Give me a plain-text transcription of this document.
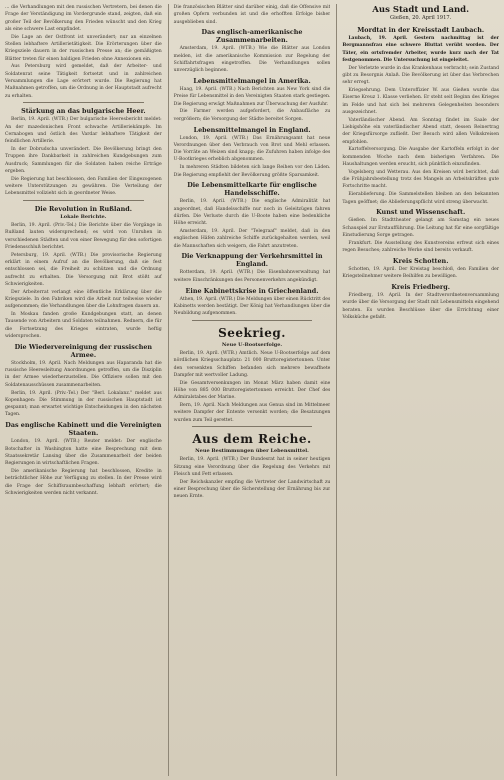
... die Verhandlungen mit den russischen Vertretern, bei denen die Frage der Verständigung im Vordergrunde stand, zeigten, daß ein großer Teil der Bevölkerung den Frieden wünscht und den Krieg als eine schwere Last empfindet.

Die Lage an der Ostfront ist unverändert; nur an einzelnen Stellen lebhaftere Artillerietätigkeit. Die Erörterungen über die Kriegsziele dauern in der russischen Presse an; die gemäßigten Blätter treten für einen baldigen Frieden ohne Annexionen ein.

Aus Petersburg wird gemeldet, daß der Arbeiter- und Soldatenrat seine Tätigkeit fortsetzt und in zahlreichen Versammlungen die Lage erörtert wurde. Die Regierung hat Maßnahmen getroffen, um die Ordnung in der Hauptstadt aufrecht zu erhalten.

Stärkung an das bulgarische Heer.

Berlin, 19. April. (WTB.) Der bulgarische Heeresbericht meldet: An der mazedonischen Front schwache Artilleriekämpfe. Im Cernabogen und östlich des Vardar lebhaftere Tätigkeit der feindlichen Artillerie.

In der Dobrudscha unverändert. Die Bevölkerung bringt den Truppen ihre Dankbarkeit in zahlreichen Kundgebungen zum Ausdruck; Sammlungen für die Soldaten haben reiche Erträge ergeben.

Die Regierung hat beschlossen, den Familien der Eingezogenen weitere Unterstützungen zu gewähren. Die Verteilung der Lebensmittel vollzieht sich in geordneter Weise.

Die Revolution in Rußland.
Lokale Berichte.

Berlin, 19. April. (Priv.-Tel.) Die Berichte über die Vorgänge in Rußland lauten widersprechend; es wird von Unruhen in verschiedenen Städten und von einer Bewegung für den sofortigen Friedensschluß berichtet.

Petersburg, 19. April. (WTB.) Die provisorische Regierung erklärt in einem Aufruf an die Bevölkerung, daß sie fest entschlossen sei, die Freiheit zu schützen und die Ordnung aufrecht zu erhalten. Die Versorgung mit Brot stößt auf Schwierigkeiten.

Der Arbeiterrat verlangt eine öffentliche Erklärung über die Kriegsziele. In den Fabriken wird die Arbeit nur teilweise wieder aufgenommen; die Verhandlungen über die Lohnfragen dauern an.

In Moskau fanden große Kundgebungen statt, an denen Tausende von Arbeitern und Soldaten teilnahmen. Rednern, die für die Fortsetzung des Krieges eintraten, wurde heftig widersprochen.

Die Wiedervereinigung der russischen Armee.

Stockholm, 19. April. Nach Meldungen aus Haparanda hat die russische Heeresleitung Anordnungen getroffen, um die Disziplin in der Armee wiederherzustellen. Die Offiziere sollen mit den Soldatenausschüssen zusammenarbeiten.

Berlin, 19. April. (Priv.-Tel.) Der "Berl. Lokalanz." meldet aus Kopenhagen: Die Stimmung in der russischen Hauptstadt ist gespannt; man erwartet wichtige Entscheidungen in den nächsten Tagen.

Das englische Kabinett und die Vereinigten Staaten.

London, 19. April. (WTB.) Reuter meldet: Der englische Botschafter in Washington hatte eine Besprechung mit dem Staatssekretär Lansing über die Zusammenarbeit der beiden Regierungen in wirtschaftlichen Fragen.

Die amerikanische Regierung hat beschlossen, Kredite in beträchtlicher Höhe zur Verfügung zu stellen. In der Presse wird die Frage der Schiffsraumbeschaffung lebhaft erörtert; die Schwierigkeiten werden nicht verkannt.

Die französischen Blätter sind darüber einig, daß die Offensive mit großen Opfern verbunden ist und die erhofften Erfolge bisher ausgeblieben sind.

Das englisch-amerikanische Zusammenarbeiten.

Amsterdam, 19. April. (WTB.) Wie die Blätter aus London melden, ist die amerikanische Kommission zur Regelung der Schiffahrtsfragen eingetroffen. Die Verhandlungen sollen unverzüglich beginnen.

Lebensmittelmangel in Amerika.

Haag, 19. April. (WTB.) Nach Berichten aus New York sind die Preise für Lebensmittel in den Vereinigten Staaten stark gestiegen. Die Regierung erwägt Maßnahmen zur Überwachung der Ausfuhr.

Die Farmer werden aufgefordert, die Anbaufläche zu vergrößern; die Versorgung der Städte bereitet Sorgen.

Lebensmittelmangel in England.

London, 19. April. (WTB.) Das Ernährungsamt hat neue Verordnungen über den Verbrauch von Brot und Mehl erlassen. Die Vorräte an Weizen sind knapp; die Zufuhren haben infolge des U-Bootkrieges erheblich abgenommen.

In mehreren Städten bildeten sich lange Reihen vor den Läden. Die Regierung empfiehlt der Bevölkerung größte Sparsamkeit.

Die Lebensmittelkarte für englische Handelsschiffe.

Berlin, 19. April. (WTB.) Die englische Admiralität hat angeordnet, daß Handelsschiffe nur noch in Geleitzügen fahren dürfen. Die Verluste durch die U-Boote haben eine bedenkliche Höhe erreicht.

Amsterdam, 19. April. Der "Telegraaf" meldet, daß in den englischen Häfen zahlreiche Schiffe zurückgehalten werden, weil die Mannschaften sich weigern, die Fahrt anzutreten.

Die Verknappung der Verkehrsmittel in England.

Rotterdam, 19. April. (WTB.) Die Eisenbahnverwaltung hat weitere Einschränkungen des Personenverkehrs angekündigt.

Eine Kabinettskrise in Griechenland.

Athen, 19. April. (WTB.) Die Meldungen über einen Rücktritt des Kabinetts werden bestätigt. Der König hat Verhandlungen über die Neubildung aufgenommen.

Seekrieg.
Neue U-Bootserfolge.

Berlin, 19. April. (WTB.) Amtlich. Neue U-Bootserfolge auf dem nördlichen Kriegsschauplatz: 21 000 Bruttoregistertonnen. Unter den versenkten Schiffen befanden sich mehrere bewaffnete Dampfer mit wertvoller Ladung.

Die Gesamtversenkungen im Monat März haben damit eine Höhe von 885 000 Bruttoregistertonnen erreicht. Der Chef des Admiralstabes der Marine.

Bern, 19. April. Nach Meldungen aus Genua sind im Mittelmeer weitere Dampfer der Entente versenkt worden; die Besatzungen wurden zum Teil gerettet.

Aus dem Reiche.
Neue Bestimmungen über Lebensmittel.

Berlin, 19. April. (WTB.) Der Bundesrat hat in seiner heutigen Sitzung eine Verordnung über die Regelung des Verkehrs mit Fleisch und Fett erlassen.

Der Reichskanzler empfing die Vertreter der Landwirtschaft zu einer Besprechung über die Sicherstellung der Ernährung bis zur neuen Ernte.

Aus Stadt und Land.
Gießen, 20. April 1917.
Mordtat in der Kreisstadt Laubach.

Laubach, 19. April. Gestern nachmittag ist der Bergmannsfrau eine schwere Bluttat verübt worden. Der Täter, ein ortsfremder Arbeiter, wurde kurz nach der Tat festgenommen. Die Untersuchung ist eingeleitet.

Der Verletzte wurde in das Krankenhaus verbracht; sein Zustand gibt zu Besorgnis Anlaß. Die Bevölkerung ist über das Verbrechen sehr erregt.

Kriegsehrung. Dem Unteroffizier W. aus Gießen wurde das Eiserne Kreuz 1. Klasse verliehen. Er steht seit Beginn des Krieges im Felde und hat sich bei mehreren Gelegenheiten besonders ausgezeichnet.

Vaterländischer Abend. Am Sonntag findet im Saale der Liebigshöhe ein vaterländischer Abend statt, dessen Reinertrag der Kriegsfürsorge zufließt. Der Besuch wird allen Volkskreisen empfohlen.

Kartoffelversorgung. Die Ausgabe der Kartoffeln erfolgt in der kommenden Woche nach dem bisherigen Verfahren. Die Haushaltungen werden ersucht, sich pünktlich einzufinden.

Vogelsberg und Wetterau. Aus den Kreisen wird berichtet, daß die Frühjahrsbestellung trotz des Mangels an Arbeitskräften gute Fortschritte macht.

Eierablieferung. Die Sammelstellen bleiben an den bekannten Tagen geöffnet; die Ablieferungspflicht wird streng überwacht.

Kunst und Wissenschaft.

Gießen. Im Stadttheater gelangt am Samstag ein neues Schauspiel zur Erstaufführung. Die Leitung hat für eine sorgfältige Einstudierung Sorge getragen.

Frankfurt. Die Ausstellung des Kunstvereins erfreut sich eines regen Besuches; zahlreiche Werke sind bereits verkauft.

Kreis Schotten.

Schotten, 19. April. Der Kreistag beschloß, den Familien der Kriegsteilnehmer weitere Beihilfen zu bewilligen.

Kreis Friedberg.

Friedberg, 19. April. In der Stadtverordnetenversammlung wurde über die Versorgung der Stadt mit Lebensmitteln eingehend beraten. Es wurden Beschlüsse über die Errichtung einer Volksküche gefaßt.
